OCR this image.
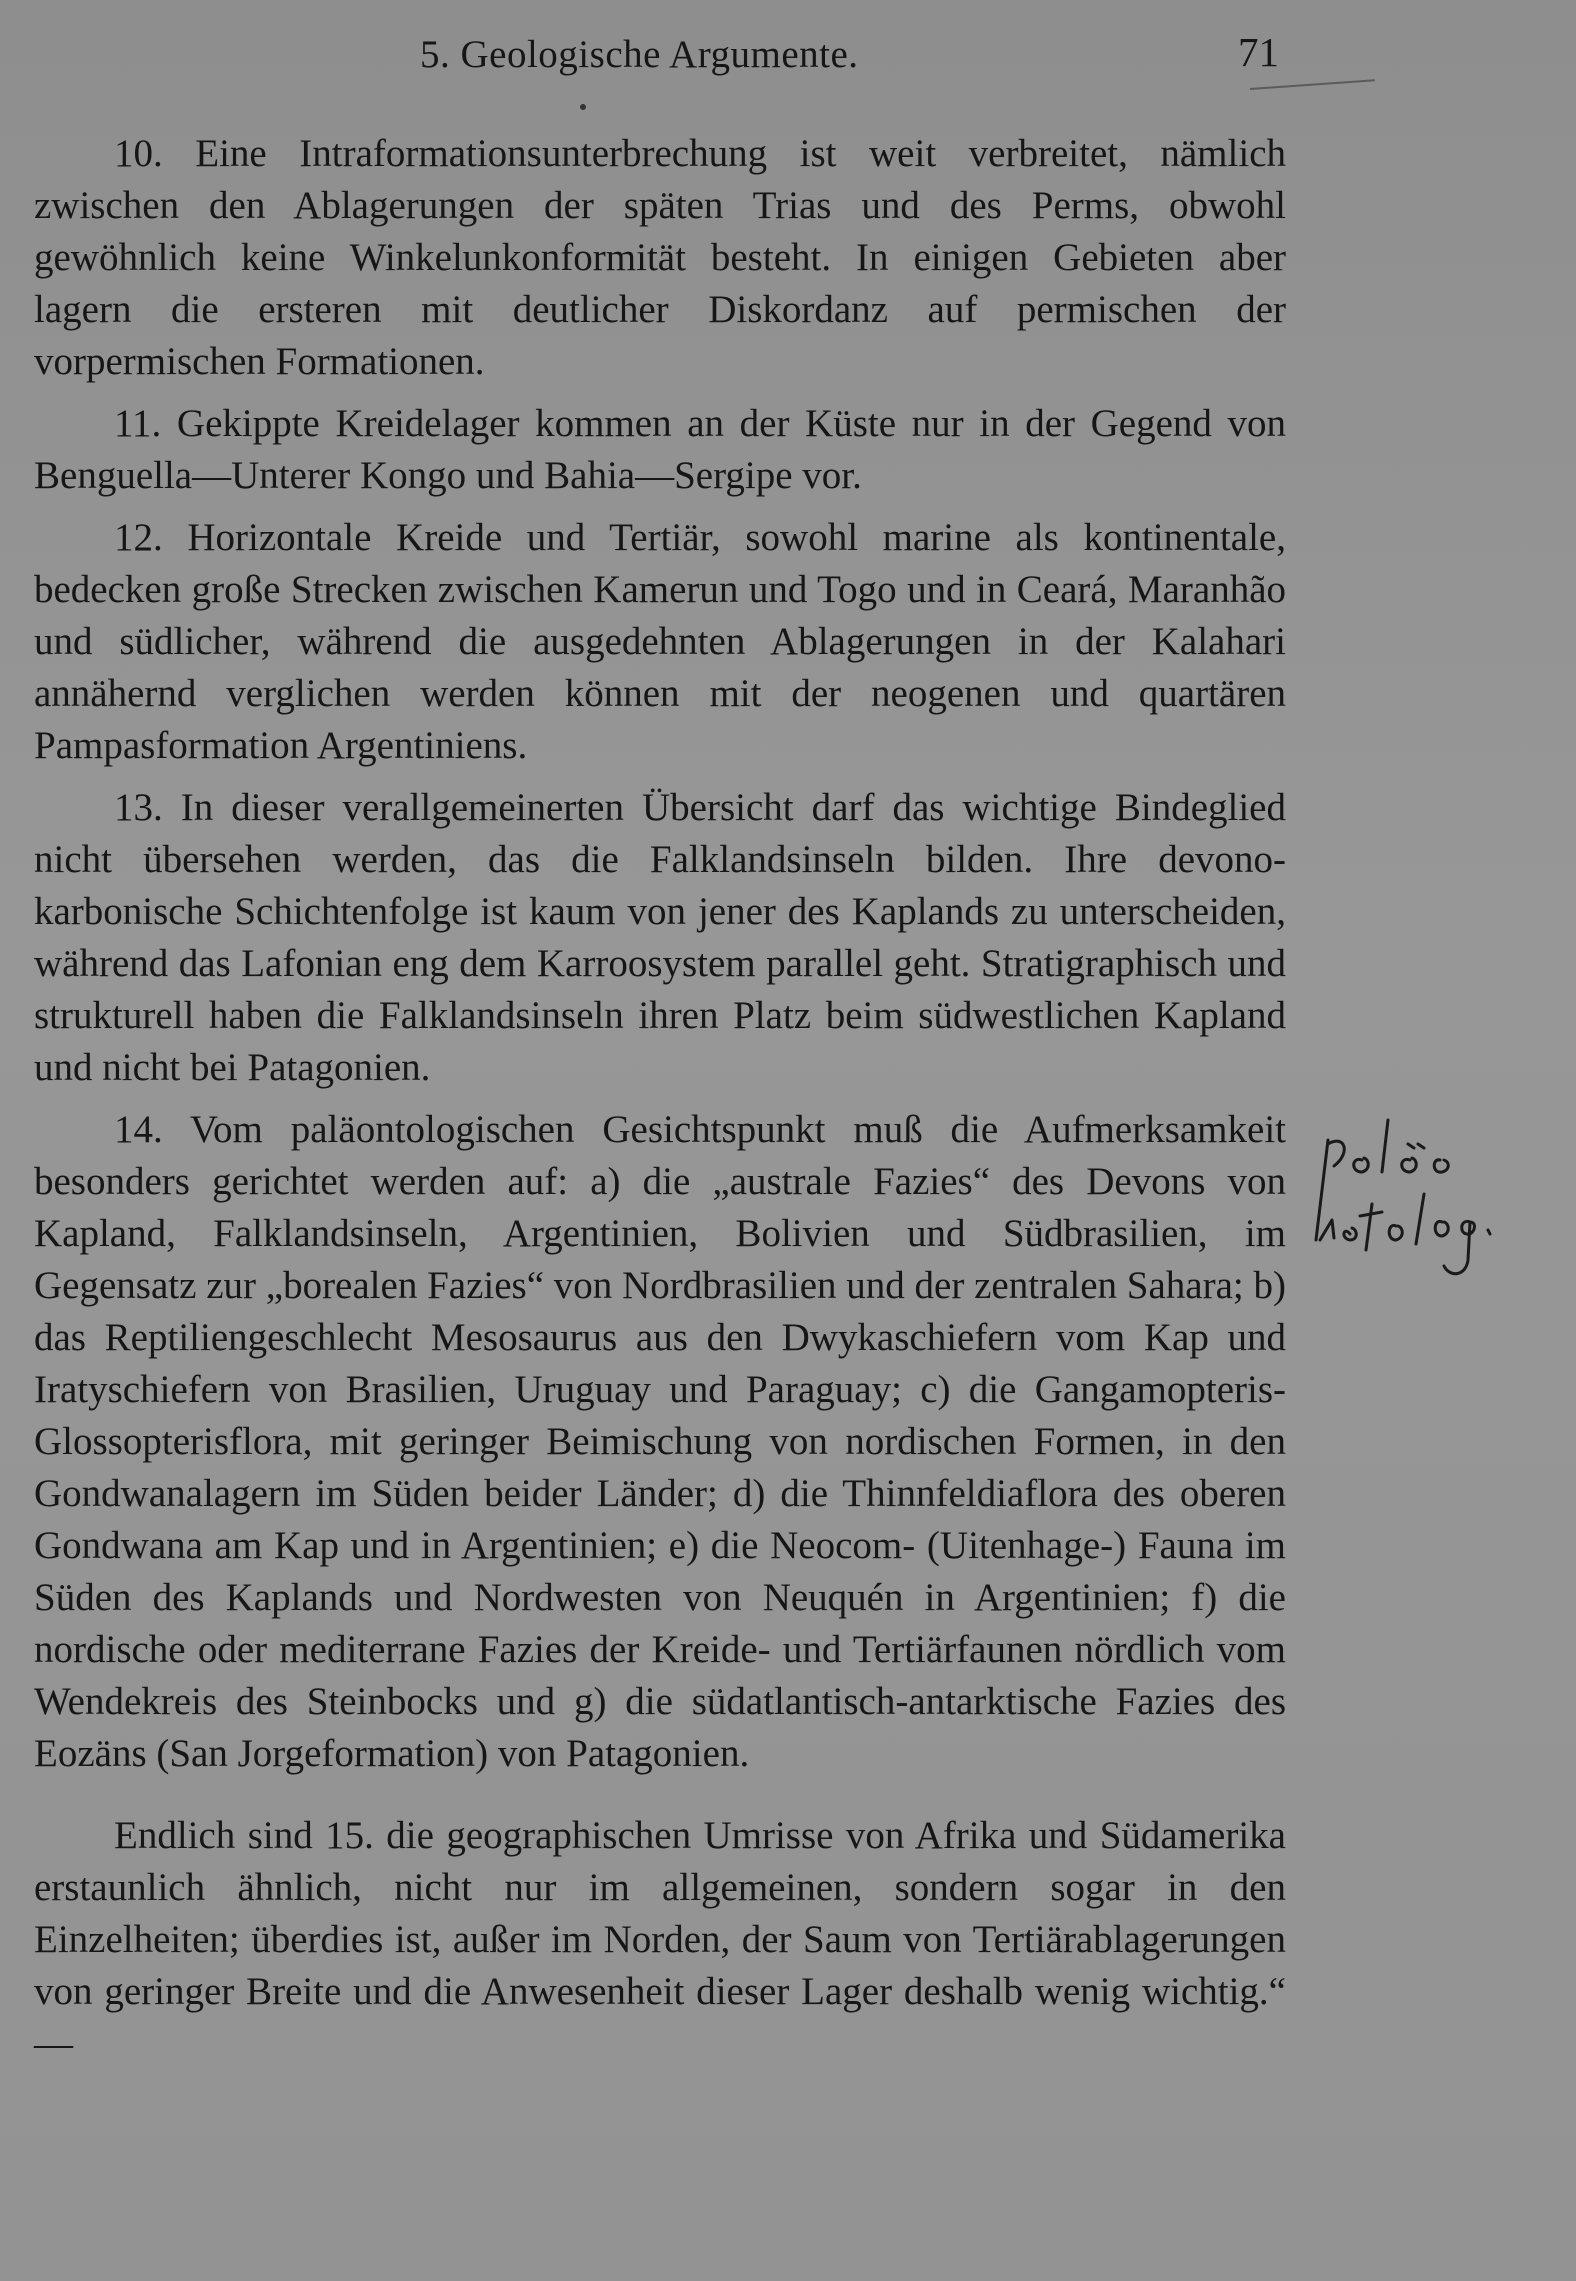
5. Geologische Argumente.	71

10. Eine Intraformationsunterbrechung ist weit verbreitet, nämlich zwischen den Ablagerungen der späten Trias und des Perms, obwohl gewöhnlich keine Winkelunkonformität besteht. In einigen Gebieten aber lagern die ersteren mit deutlicher Diskordanz auf permischen der vorpermischen Formationen.

11. Gekippte Kreidelager kommen an der Küste nur in der Gegend von Benguella—Unterer Kongo und Bahia—Sergipe vor.

12. Horizontale Kreide und Tertiär, sowohl marine als kontinentale, bedecken große Strecken zwischen Kamerun und Togo und in Ceará, Maranhão und südlicher, während die ausgedehnten Ablagerungen in der Kalahari annähernd verglichen werden können mit der neogenen und quartären Pampasformation Argentiniens.

13. In dieser verallgemeinerten Übersicht darf das wichtige Bindeglied nicht übersehen werden, das die Falklandsinseln bilden. Ihre devono-karbonische Schichtenfolge ist kaum von jener des Kaplands zu unterscheiden, während das Lafonian eng dem Karroosystem parallel geht. Stratigraphisch und strukturell haben die Falklandsinseln ihren Platz beim südwestlichen Kapland und nicht bei Patagonien.

14. Vom paläontologischen Gesichtspunkt muß die Aufmerksamkeit besonders gerichtet werden auf: a) die „australe Fazies“ des Devons von Kapland, Falklandsinseln, Argentinien, Bolivien und Südbrasilien, im Gegensatz zur „borealen Fazies“ von Nordbrasilien und der zentralen Sahara; b) das Reptiliengeschlecht Mesosaurus aus den Dwykaschiefern vom Kap und Iratyschiefern von Brasilien, Uruguay und Paraguay; c) die Gangamopteris-Glossopterisflora, mit geringer Beimischung von nordischen Formen, in den Gondwanalagern im Süden beider Länder; d) die Thinnfeldiaflora des oberen Gondwana am Kap und in Argentinien; e) die Neocom- (Uitenhage-) Fauna im Süden des Kaplands und Nordwesten von Neuquén in Argentinien; f) die nordische oder mediterrane Fazies der Kreide- und Tertiärfaunen nördlich vom Wendekreis des Steinbocks und g) die südatlantisch-antarktische Fazies des Eozäns (San Jorgeformation) von Patagonien.

Endlich sind 15. die geographischen Umrisse von Afrika und Südamerika erstaunlich ähnlich, nicht nur im allgemeinen, sondern sogar in den Einzelheiten; überdies ist, außer im Norden, der Saum von Tertiärablagerungen von geringer Breite und die Anwesenheit dieser Lager deshalb wenig wichtig.“ —
